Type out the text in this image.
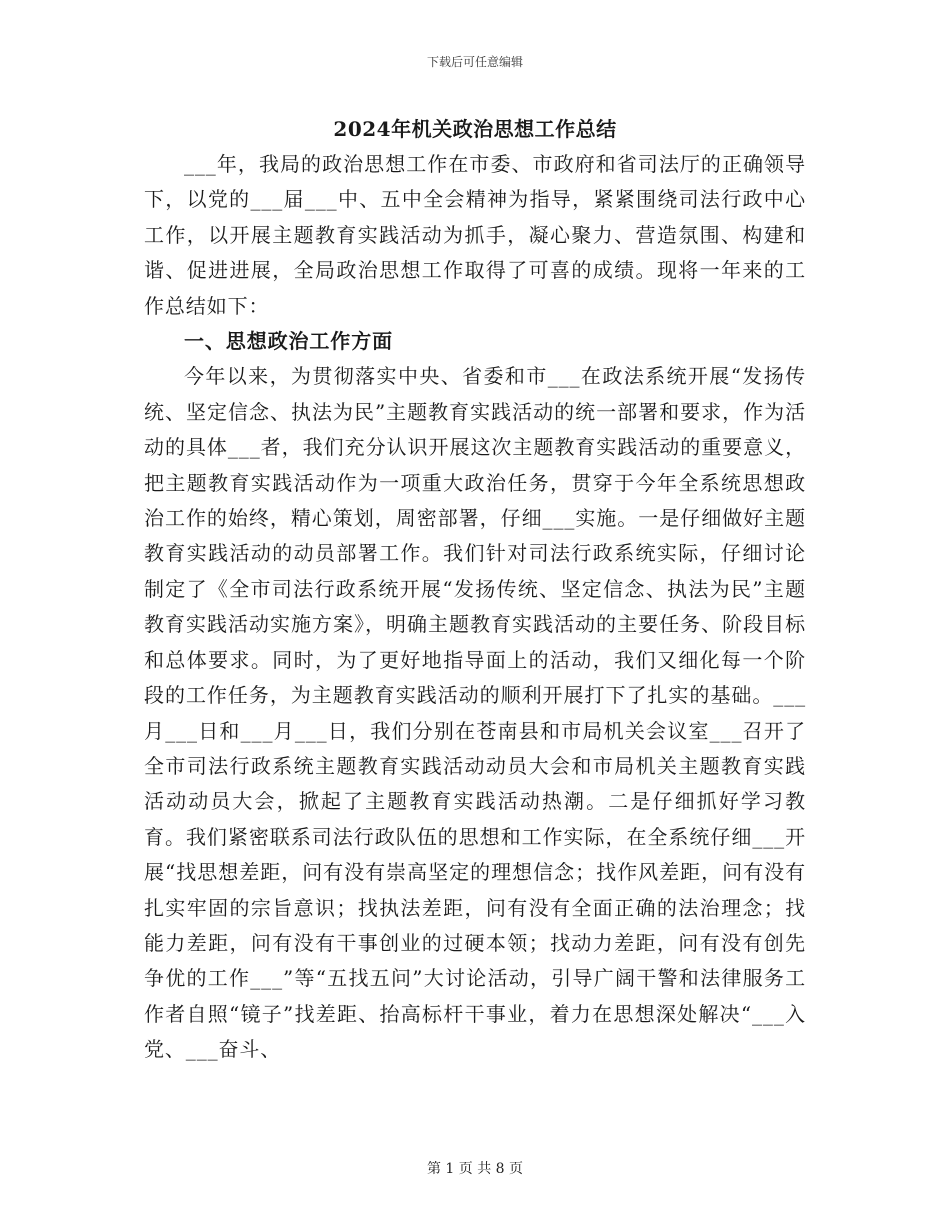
下载后可任意编辑
2024年机关政治思想工作总结

___年，我局的政治思想工作在市委、市政府和省司法厅的正确领导下，以党的___届___中、五中全会精神为指导，紧紧围绕司法行政中心工作，以开展主题教育实践活动为抓手，凝心聚力、营造氛围、构建和谐、促进进展，全局政治思想工作取得了可喜的成绩。现将一年来的工作总结如下：

一、思想政治工作方面

今年以来，为贯彻落实中央、省委和市___在政法系统开展“发扬传统、坚定信念、执法为民”主题教育实践活动的统一部署和要求，作为活动的具体___者，我们充分认识开展这次主题教育实践活动的重要意义，把主题教育实践活动作为一项重大政治任务，贯穿于今年全系统思想政治工作的始终，精心策划，周密部署，仔细___实施。一是仔细做好主题教育实践活动的动员部署工作。我们针对司法行政系统实际，仔细讨论制定了《全市司法行政系统开展“发扬传统、坚定信念、执法为民”主题教育实践活动实施方案》，明确主题教育实践活动的主要任务、阶段目标和总体要求。同时，为了更好地指导面上的活动，我们又细化每一个阶段的工作任务，为主题教育实践活动的顺利开展打下了扎实的基础。___月___日和___月___日，我们分别在苍南县和市局机关会议室___召开了全市司法行政系统主题教育实践活动动员大会和市局机关主题教育实践活动动员大会，掀起了主题教育实践活动热潮。二是仔细抓好学习教育。我们紧密联系司法行政队伍的思想和工作实际，在全系统仔细___开展“找思想差距，问有没有崇高坚定的理想信念；找作风差距，问有没有扎实牢固的宗旨意识；找执法差距，问有没有全面正确的法治理念；找能力差距，问有没有干事创业的过硬本领；找动力差距，问有没有创先争优的工作___”等“五找五问”大讨论活动，引导广阔干警和法律服务工作者自照“镜子”找差距、抬高标杆干事业，着力在思想深处解决“___入党、___奋斗、

第 1 页 共 8 页
